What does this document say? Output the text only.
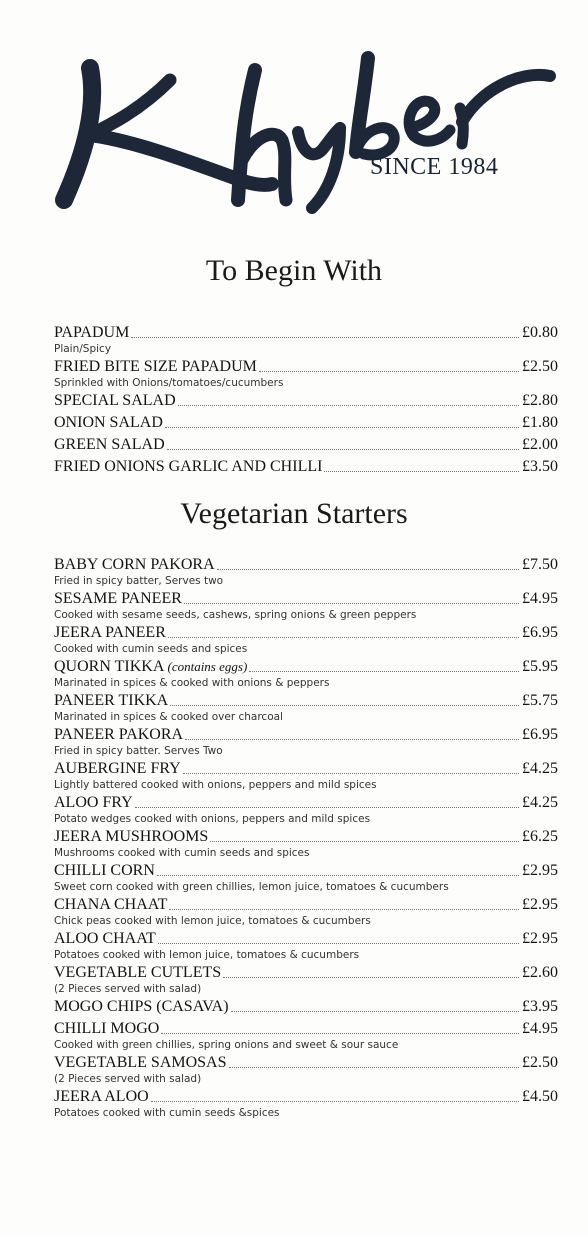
SINCE 1984
To Begin With
PAPADUM	£0.80
Plain/Spicy
FRIED BITE SIZE PAPADUM	£2.50
Sprinkled with Onions/tomatoes/cucumbers
SPECIAL SALAD	£2.80
ONION SALAD	£1.80
GREEN SALAD	£2.00
FRIED ONIONS GARLIC AND CHILLI	£3.50
Vegetarian Starters
BABY CORN PAKORA	£7.50
Fried in spicy batter, Serves two
SESAME PANEER	£4.95
Cooked with sesame seeds, cashews, spring onions & green peppers
JEERA PANEER	£6.95
Cooked with cumin seeds and spices
QUORN TIKKA (contains eggs)	£5.95
Marinated in spices & cooked with onions & peppers
PANEER TIKKA	£5.75
Marinated in spices & cooked over charcoal
PANEER PAKORA	£6.95
Fried in spicy batter. Serves Two
AUBERGINE FRY	£4.25
Lightly battered cooked with onions, peppers and mild spices
ALOO FRY	£4.25
Potato wedges cooked with onions, peppers and mild spices
JEERA MUSHROOMS	£6.25
Mushrooms cooked with cumin seeds and spices
CHILLI CORN	£2.95
Sweet corn cooked with green chillies, lemon juice, tomatoes & cucumbers
CHANA CHAAT	£2.95
Chick peas cooked with lemon juice, tomatoes & cucumbers
ALOO CHAAT	£2.95
Potatoes cooked with lemon juice, tomatoes & cucumbers
VEGETABLE CUTLETS	£2.60
(2 Pieces served with salad)
MOGO CHIPS (CASAVA)	£3.95
CHILLI MOGO	£4.95
Cooked with green chillies, spring onions and sweet & sour sauce
VEGETABLE SAMOSAS	£2.50
(2 Pieces served with salad)
JEERA ALOO	£4.50
Potatoes cooked with cumin seeds &spices
